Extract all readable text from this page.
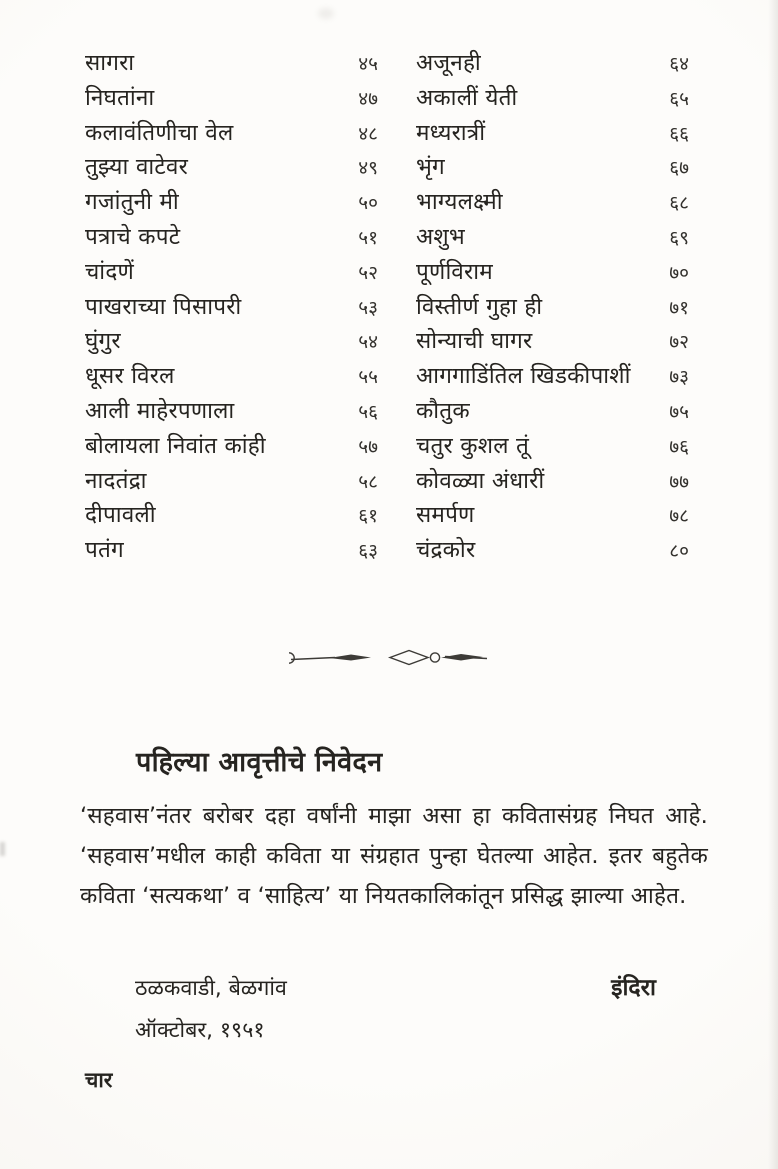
सागरा	४५
निघतांना	४७
कलावंतिणीचा वेल	४८
तुझ्या वाटेवर	४९
गजांतुनी मी	५०
पत्राचे कपटे	५१
चांदणें	५२
पाखराच्या पिसापरी	५३
घुंगुर	५४
धूसर विरल	५५
आली माहेरपणाला	५६
बोलायला निवांत कांही	५७
नादतंद्रा	५८
दीपावली	६१
पतंग	६३
अजूनही	६४
अकालीं येती	६५
मध्यरात्रीं	६६
भृंग	६७
भाग्यलक्ष्मी	६८
अशुभ	६९
पूर्णविराम	७०
विस्तीर्ण गुहा ही	७१
सोन्याची घागर	७२
आगगाडिंतिल खिडकीपाशीं	७३
कौतुक	७५
चतुर कुशल तूं	७६
कोवळ्या अंधारीं	७७
समर्पण	७८
चंद्रकोर	८०
पहिल्या आवृत्तीचे निवेदन

‘सहवास’नंतर बरोबर दहा वर्षांनी माझा असा हा कवितासंग्रह निघत आहे. ‘सहवास’मधील काही कविता या संग्रहात पुन्हा घेतल्या आहेत. इतर बहुतेक कविता ‘सत्यकथा’ व ‘साहित्य’ या नियतकालिकांतून प्रसिद्ध झाल्या आहेत.

ठळकवाडी, बेळगांव
ऑक्टोबर, १९५१
इंदिरा
चार
